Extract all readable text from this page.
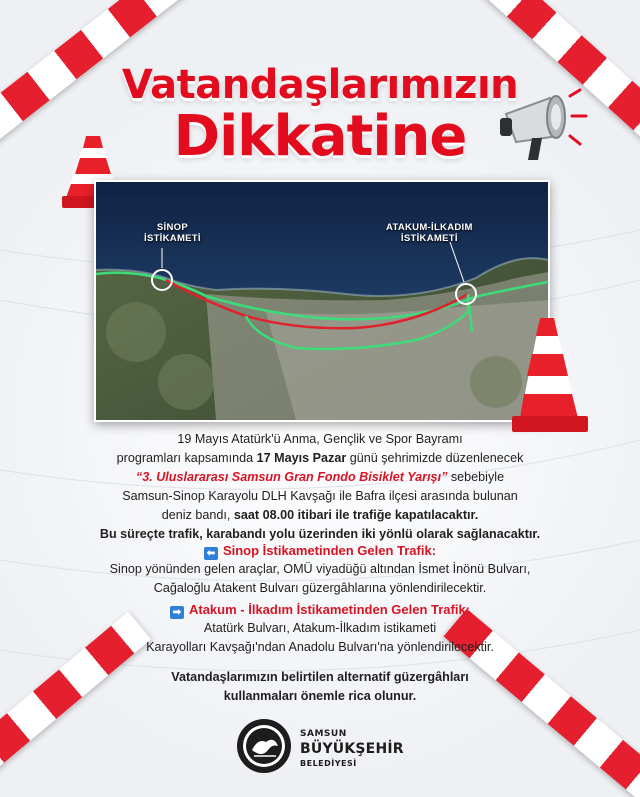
Vatandaşlarımızın
Dikkatine
SİNOP
İSTİKAMETİ
ATAKUM-İLKADIM
İSTİKAMETİ
19 Mayıs Atatürk'ü Anma, Gençlik ve Spor Bayramı
programları kapsamında 17 Mayıs Pazar günü şehrimizde düzenlenecek
“3. Uluslararası Samsun Gran Fondo Bisiklet Yarışı” sebebiyle
Samsun-Sinop Karayolu DLH Kavşağı ile Bafra ilçesi arasında bulunan
deniz bandı, saat 08.00 itibari ile trafiğe kapatılacaktır.
Bu süreçte trafik, karabandı yolu üzerinden iki yönlü olarak sağlanacaktır.
⬅ Sinop İstikametinden Gelen Trafik:
Sinop yönünden gelen araçlar, OMÜ viyadüğü altından İsmet İnönü Bulvarı,
Cağaloğlu Atakent Bulvarı güzergâhlarına yönlendirilecektir.
➡ Atakum - İlkadım İstikametinden Gelen Trafik:
Atatürk Bulvarı, Atakum-İlkadım istikameti
Karayolları Kavşağı'ndan Anadolu Bulvarı'na yönlendirilecektir.
Vatandaşlarımızın belirtilen alternatif güzergâhları
kullanmaları önemle rica olunur.
SAMSUN
BÜYÜKŞEHİR
BELEDİYESİ
